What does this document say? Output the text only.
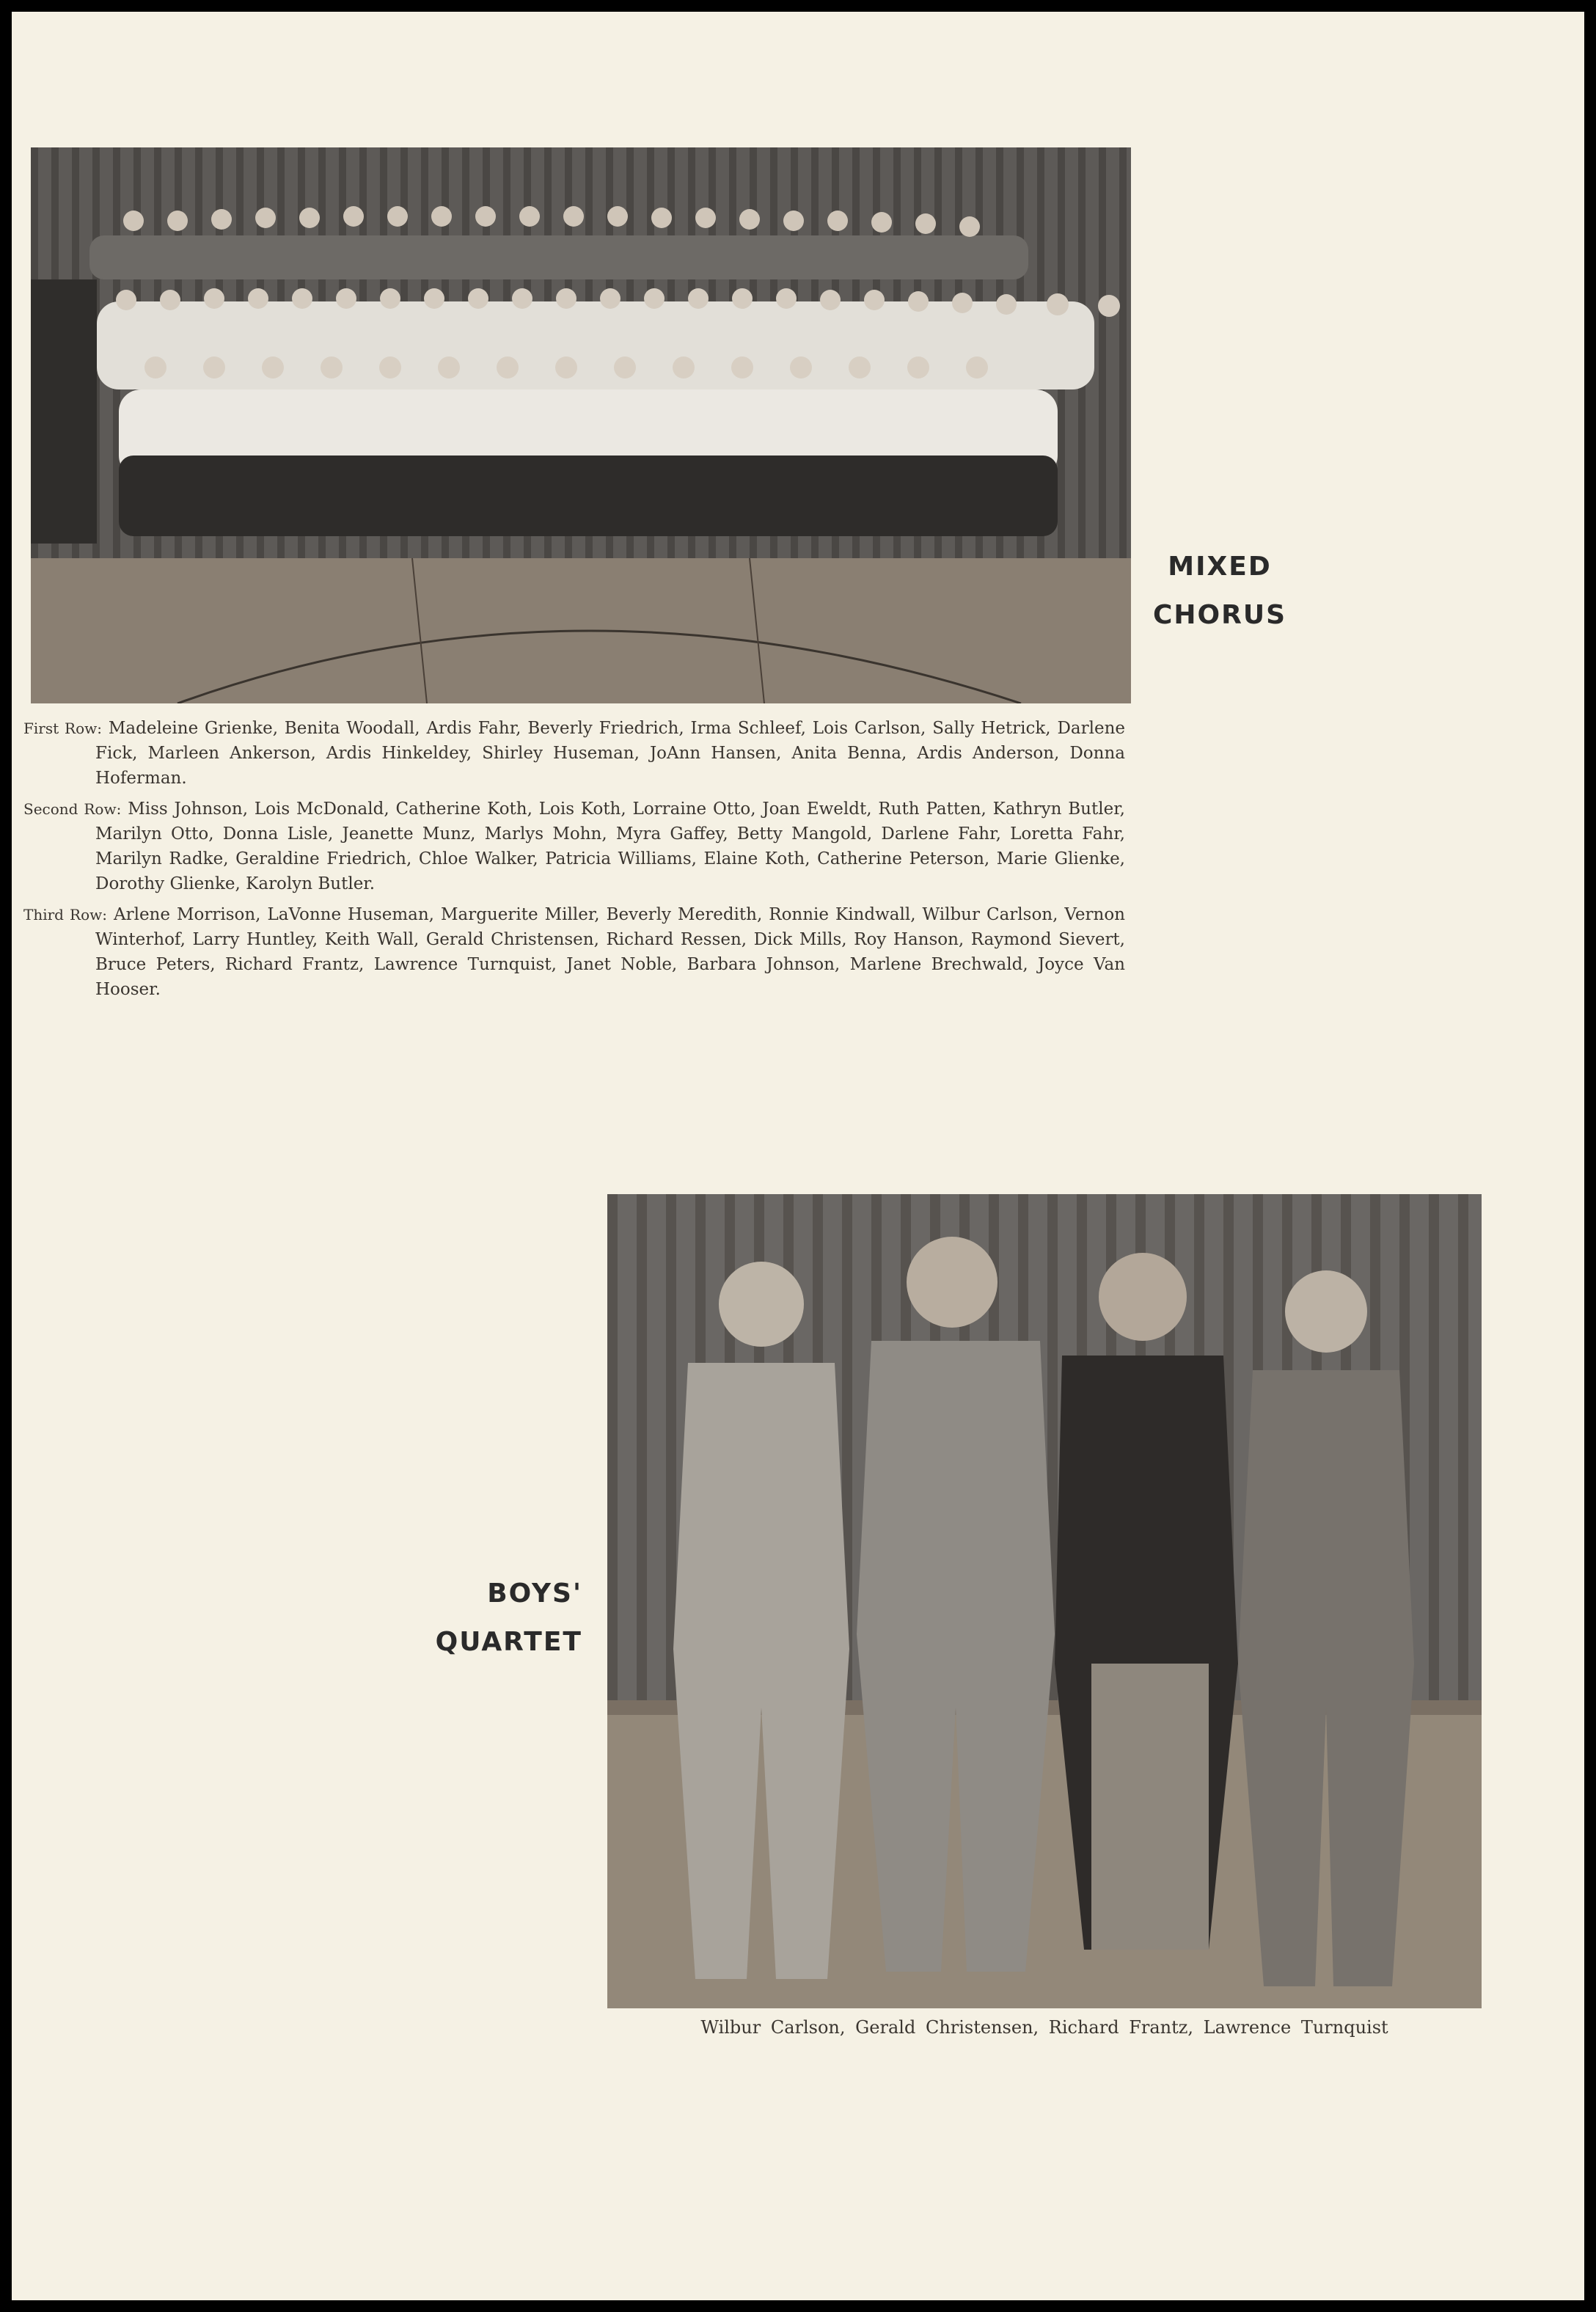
MIXED
CHORUS

First Row: Madeleine Grienke, Benita Woodall, Ardis Fahr, Beverly Friedrich, Irma Schleef, Lois Carlson, Sally Hetrick, Darlene Fick, Marleen Ankerson, Ardis Hinkeldey, Shirley Huseman, JoAnn Hansen, Anita Benna, Ardis Anderson, Donna Hoferman.

Second Row: Miss Johnson, Lois McDonald, Catherine Koth, Lois Koth, Lorraine Otto, Joan Eweldt, Ruth Patten, Kathryn Butler, Marilyn Otto, Donna Lisle, Jeanette Munz, Marlys Mohn, Myra Gaffey, Betty Mangold, Darlene Fahr, Loretta Fahr, Marilyn Radke, Geraldine Friedrich, Chloe Walker, Patricia Williams, Elaine Koth, Catherine Peterson, Marie Glienke, Dorothy Glienke, Karolyn Butler.

Third Row: Arlene Morrison, LaVonne Huseman, Marguerite Miller, Beverly Meredith, Ronnie Kindwall, Wilbur Carlson, Vernon Winterhof, Larry Huntley, Keith Wall, Gerald Christensen, Richard Ressen, Dick Mills, Roy Hanson, Raymond Sievert, Bruce Peters, Richard Frantz, Lawrence Turnquist, Janet Noble, Barbara Johnson, Marlene Brechwald, Joyce Van Hooser.

BOYS'
QUARTET
Wilbur Carlson, Gerald Christensen, Richard Frantz, Lawrence Turnquist
